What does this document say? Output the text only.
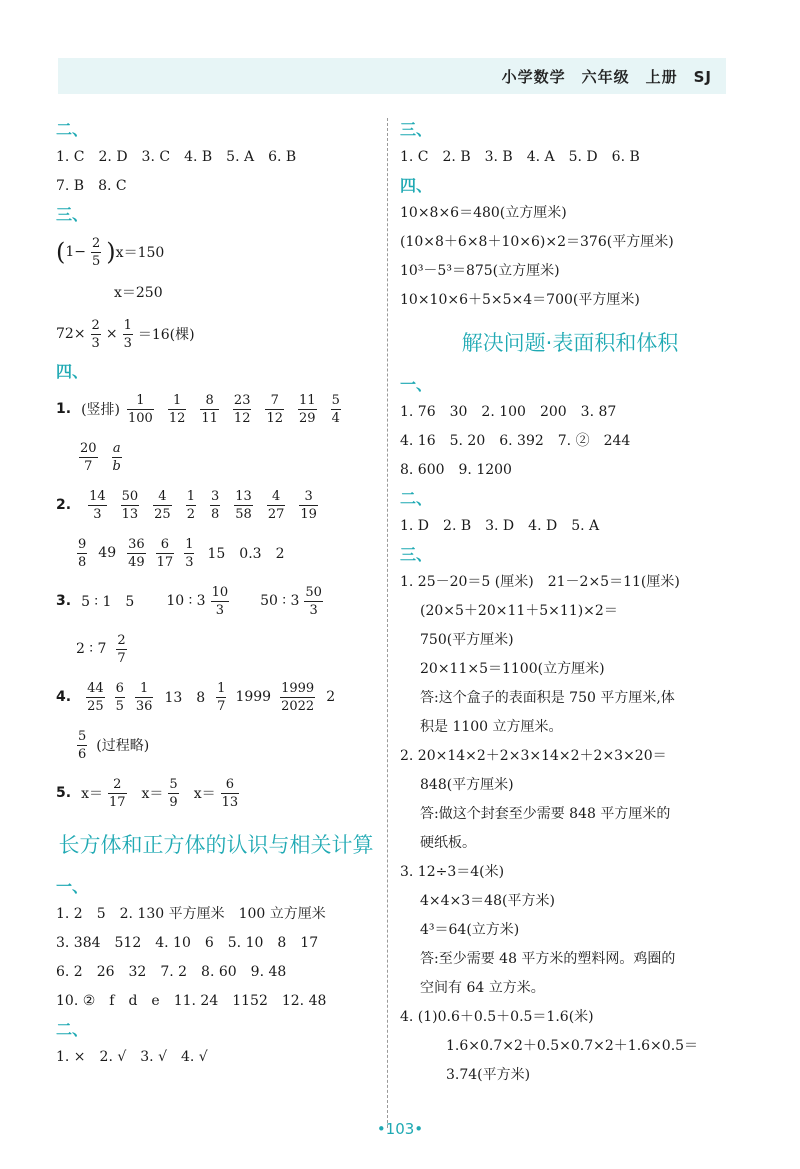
小学数学　六年级　上册　SJ
二、
1. C　2. D　3. C　4. B　5. A　6. B
7. B　8. C
三、
( $1- \frac{2}{5}$ ) x＝150
x＝250
$72\times \frac{2}{3} \times \frac{1}{3} =16$(棵)
四、
1. (竖排) $\frac{1}{100} \frac{1}{12} \frac{8}{11} \frac{23}{12} \frac{7}{12} \frac{11}{29} \frac{5}{4}$
$\frac{20}{7} \frac{a}{b}$
2. $\frac{14}{3} \frac{50}{13} \frac{4}{25} \frac{1}{2} \frac{3}{8} \frac{13}{58} \frac{4}{27} \frac{3}{19}$
$\frac{9}{8} 49 \frac{36}{49} \frac{6}{17} \frac{1}{3} 15$　0.3　2
3. 5 ∶ 1　5 10 ∶ $3 \frac{10}{3} 50$ ∶ $3 \frac{50}{3}$
2 ∶ $7 \frac{2}{7}$
4. $\frac{44}{25} \frac{6}{5} \frac{1}{36} 13$　$8 \frac{1}{7} 1999 \frac{1999}{2022} 2$
$\frac{5}{6}$ (过程略)
5. $x= \frac{2}{17} x= \frac{5}{9} x= \frac{6}{13}$
长方体和正方体的认识与相关计算
一、
1. 2　5　2. 130 平方厘米　100 立方厘米
3. 384　512　4. 10　6　5. 10　8　17
6. 2　26　32　7. 2　8. 60　9. 48
10. ②　f　d　e　11. 24　1152　12. 48
二、
1. ×　2. √　3. √　4. √
三、
1. C　2. B　3. B　4. A　5. D　6. B
四、
10×8×6＝480(立方厘米)
(10×8＋6×8＋10×6)×2＝376(平方厘米)
10³－5³＝875(立方厘米)
10×10×6＋5×5×4＝700(平方厘米)
解决问题·表面积和体积
一、
1. 76　30　2. 100　200　3. 87
4. 16　5. 20　6. 392　7. ②　244
8. 600　9. 1200
二、
1. D　2. B　3. D　4. D　5. A
三、
1. 25－20＝5 (厘米)　21－2×5＝11(厘米)
(20×5＋20×11＋5×11)×2＝
750(平方厘米)
20×11×5＝1100(立方厘米)
答:这个盒子的表面积是 750 平方厘米,体
积是 1100 立方厘米。
2. 20×14×2＋2×3×14×2＋2×3×20＝
848(平方厘米)
答:做这个封套至少需要 848 平方厘米的
硬纸板。
3. 12÷3＝4(米)
4×4×3＝48(平方米)
4³＝64(立方米)
答:至少需要 48 平方米的塑料网。鸡圈的
空间有 64 立方米。
4. (1)0.6＋0.5＋0.5＝1.6(米)
1.6×0.7×2＋0.5×0.7×2＋1.6×0.5＝
3.74(平方米)
•103•
